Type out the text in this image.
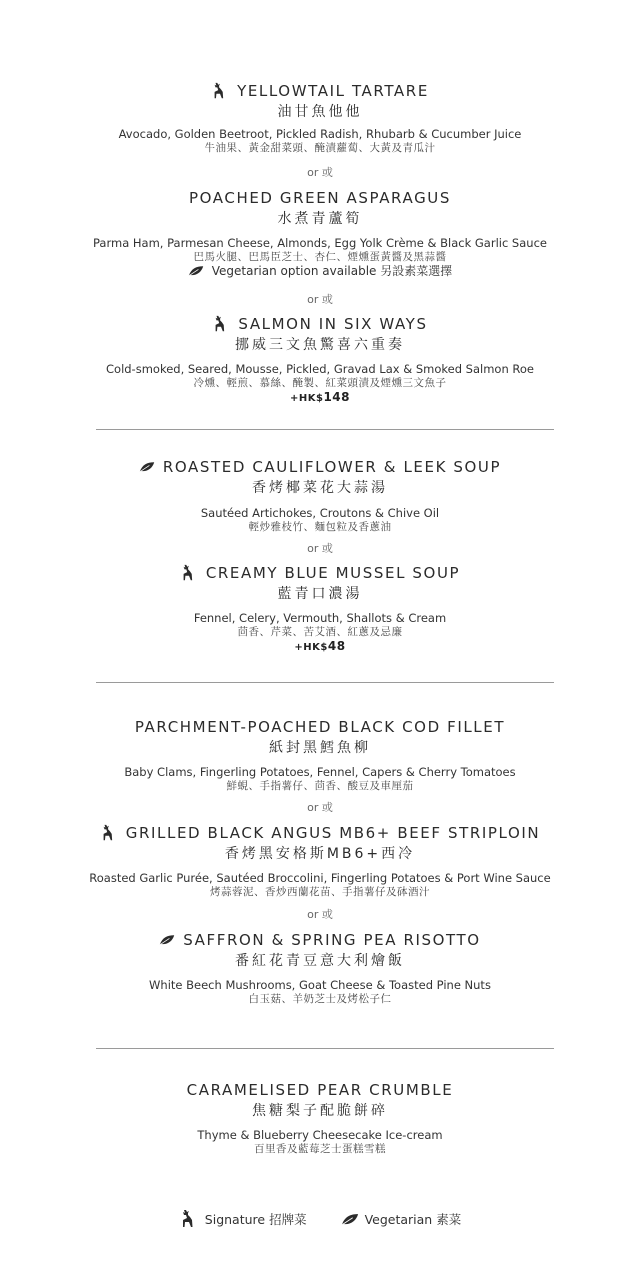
YELLOWTAIL TARTARE
油甘魚他他
Avocado, Golden Beetroot, Pickled Radish, Rhubarb & Cucumber Juice
牛油果、黃金甜菜頭、醃漬蘿蔔、大黃及青瓜汁
or 或
POACHED GREEN ASPARAGUS
水煮青蘆筍
Parma Ham, Parmesan Cheese, Almonds, Egg Yolk Crème & Black Garlic Sauce
巴馬火腿、巴馬臣芝士、杏仁、煙燻蛋黃醬及黑蒜醬
Vegetarian option available 另設素菜選擇
or 或
SALMON IN SIX WAYS
挪威三文魚驚喜六重奏
Cold-smoked, Seared, Mousse, Pickled, Gravad Lax & Smoked Salmon Roe
冷燻、輕煎、慕絲、醃製、紅菜頭漬及煙燻三文魚子
+HK$148
ROASTED CAULIFLOWER & LEEK SOUP
香烤椰菜花大蒜湯
Sautéed Artichokes, Croutons & Chive Oil
輕炒雅枝竹、麵包粒及香蔥油
or 或
CREAMY BLUE MUSSEL SOUP
藍青口濃湯
Fennel, Celery, Vermouth, Shallots & Cream
茴香、芹菜、苦艾酒、紅蔥及忌廉
+HK$48
PARCHMENT-POACHED BLACK COD FILLET
紙封黑鱈魚柳
Baby Clams, Fingerling Potatoes, Fennel, Capers & Cherry Tomatoes
鮮蜆、手指薯仔、茴香、酸豆及車厘茄
or 或
GRILLED BLACK ANGUS MB6+ BEEF STRIPLOIN
香烤黑安格斯MB6+西冷
Roasted Garlic Purée, Sautéed Broccolini, Fingerling Potatoes & Port Wine Sauce
烤蒜蓉泥、香炒西蘭花苗、手指薯仔及砵酒汁
or 或
SAFFRON & SPRING PEA RISOTTO
番紅花青豆意大利燴飯
White Beech Mushrooms, Goat Cheese & Toasted Pine Nuts
白玉菇、羊奶芝士及烤松子仁
CARAMELISED PEAR CRUMBLE
焦糖梨子配脆餅碎
Thyme & Blueberry Cheesecake Ice-cream
百里香及藍莓芝士蛋糕雪糕
Signature 招牌菜	Vegetarian 素菜
